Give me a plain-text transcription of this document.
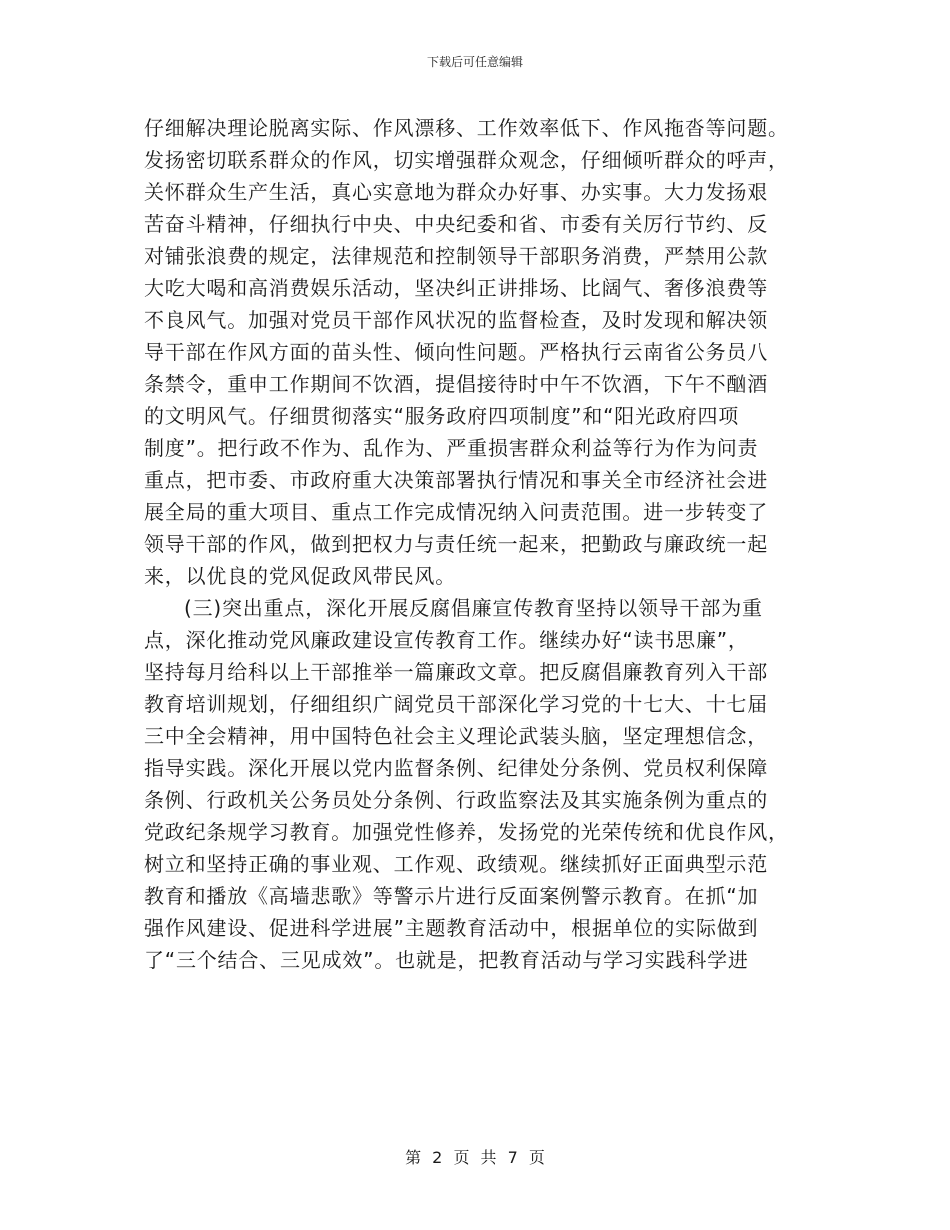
下载后可任意编辑
仔细解决理论脱离实际、作风漂移、工作效率低下、作风拖沓等问题。
发扬密切联系群众的作风，切实增强群众观念，仔细倾听群众的呼声，
关怀群众生产生活，真心实意地为群众办好事、办实事。大力发扬艰
苦奋斗精神，仔细执行中央、中央纪委和省、市委有关厉行节约、反
对铺张浪费的规定，法律规范和控制领导干部职务消费，严禁用公款
大吃大喝和高消费娱乐活动，坚决纠正讲排场、比阔气、奢侈浪费等
不良风气。加强对党员干部作风状况的监督检查，及时发现和解决领
导干部在作风方面的苗头性、倾向性问题。严格执行云南省公务员八
条禁令，重申工作期间不饮酒，提倡接待时中午不饮酒，下午不酗酒
的文明风气。仔细贯彻落实“服务政府四项制度”和“阳光政府四项
制度”。把行政不作为、乱作为、严重损害群众利益等行为作为问责
重点，把市委、市政府重大决策部署执行情况和事关全市经济社会进
展全局的重大项目、重点工作完成情况纳入问责范围。进一步转变了
领导干部的作风，做到把权力与责任统一起来，把勤政与廉政统一起
来，以优良的党风促政风带民风。
(三)突出重点，深化开展反腐倡廉宣传教育坚持以领导干部为重
点，深化推动党风廉政建设宣传教育工作。继续办好“读书思廉”，
坚持每月给科以上干部推举一篇廉政文章。把反腐倡廉教育列入干部
教育培训规划，仔细组织广阔党员干部深化学习党的十七大、十七届
三中全会精神，用中国特色社会主义理论武装头脑，坚定理想信念，
指导实践。深化开展以党内监督条例、纪律处分条例、党员权利保障
条例、行政机关公务员处分条例、行政监察法及其实施条例为重点的
党政纪条规学习教育。加强党性修养，发扬党的光荣传统和优良作风，
树立和坚持正确的事业观、工作观、政绩观。继续抓好正面典型示范
教育和播放《高墙悲歌》等警示片进行反面案例警示教育。在抓“加
强作风建设、促进科学进展”主题教育活动中，根据单位的实际做到
了“三个结合、三见成效”。也就是，把教育活动与学习实践科学进
第 2 页 共 7 页
